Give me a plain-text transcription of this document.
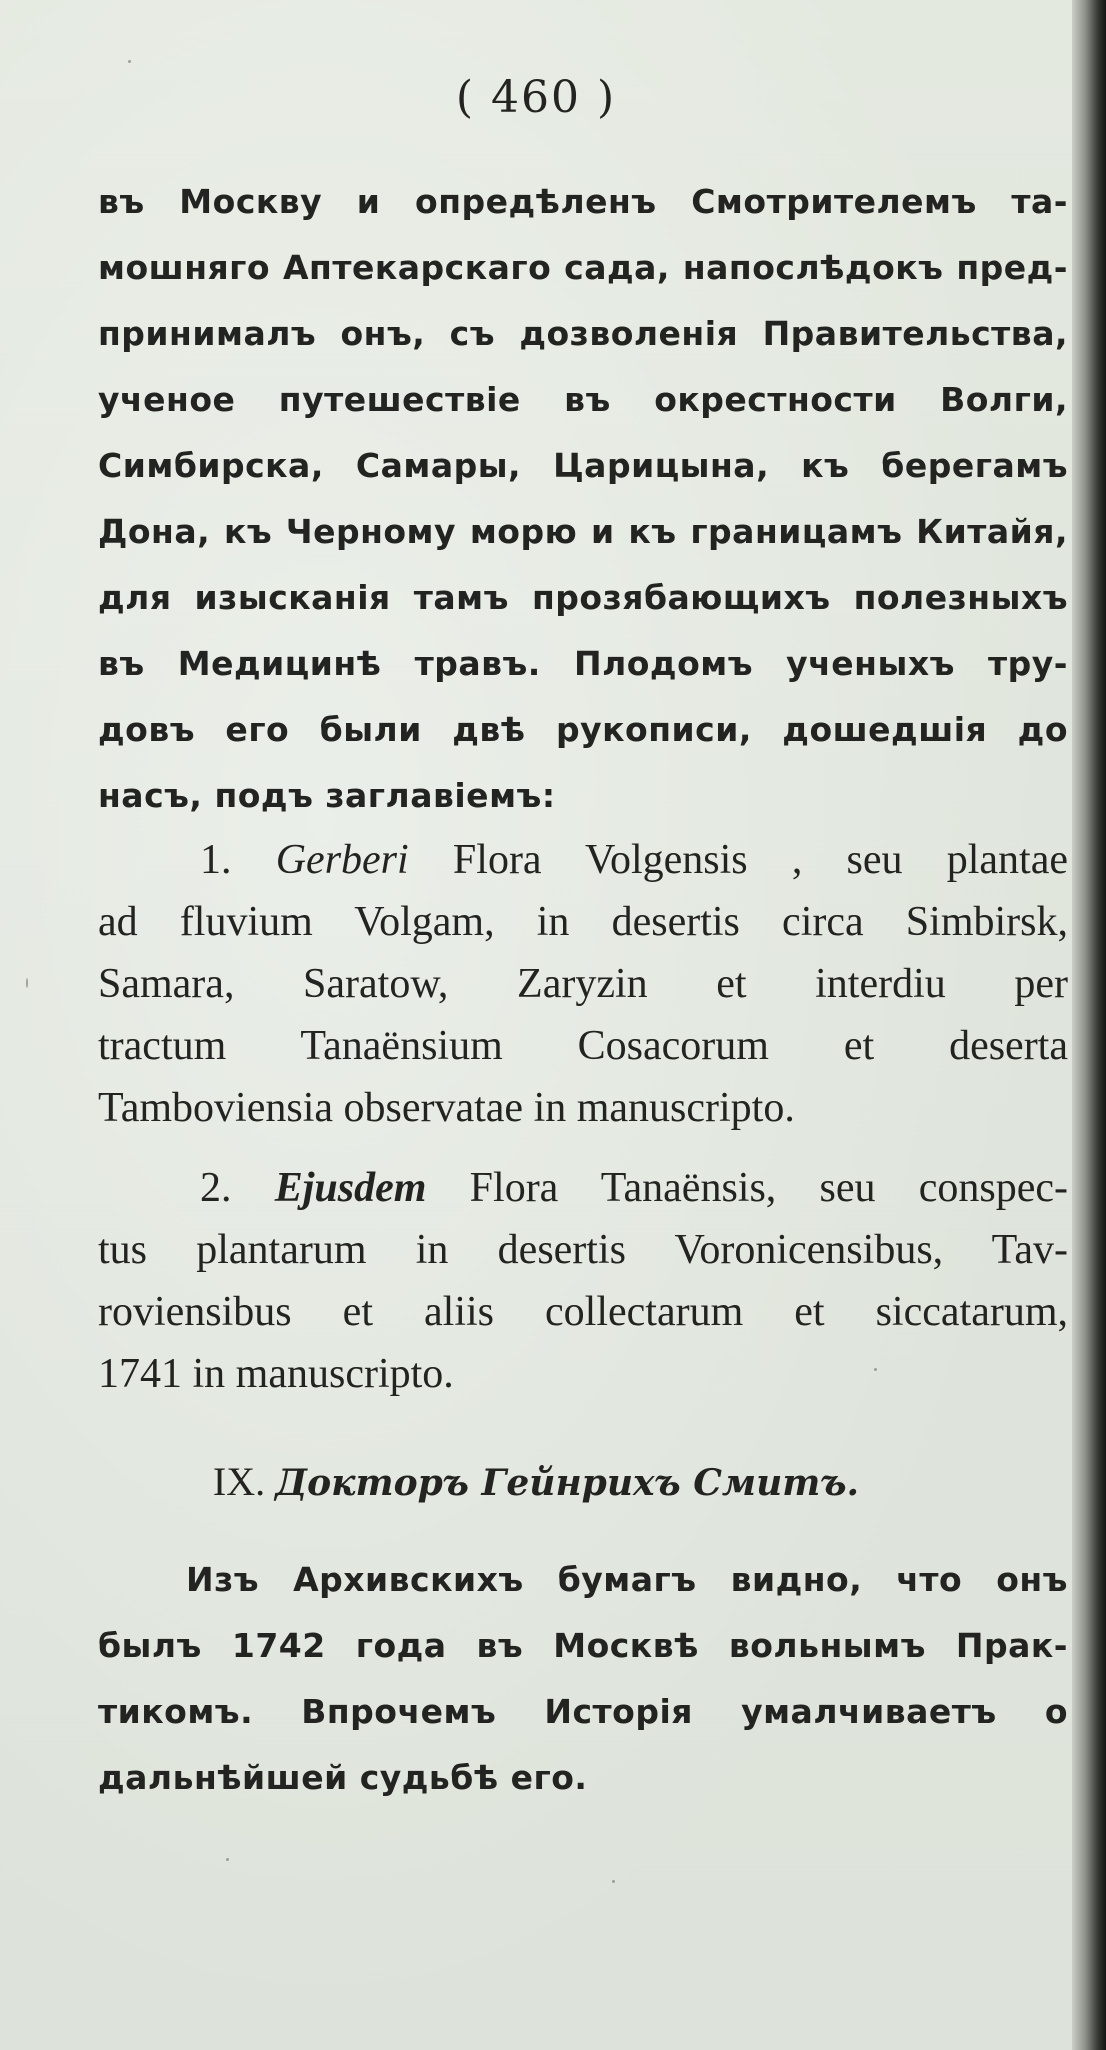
( 460 )
въ Москву и опредѣленъ Смотрителемъ та-
мошняго Аптекарскаго сада, напослѣдокъ пред-
принималъ онъ, съ дозволенія Правительства,
ученое путешествіе въ окрестности Волги,
Симбирска, Самары, Царицына, къ берегамъ
Дона, къ Черному морю и къ границамъ Китайя,
для изысканія тамъ прозябающихъ полезныхъ
въ Медицинѣ травъ. Плодомъ ученыхъ тру-
довъ его были двѣ рукописи, дошедшія до
насъ, подъ заглавіемъ:
1. Gerberi Flora Volgensis , seu plantae
ad fluvium Volgam, in desertis circa Simbirsk,
Samara, Saratow, Zaryzin et interdiu per
tractum Tanaënsium Cosacorum et deserta
Tamboviensia observatae in manuscripto.
2. Ejusdem Flora Tanaënsis, seu conspec-
tus plantarum in desertis Voronicensibus, Tav-
roviensibus et aliis collectarum et siccatarum,
1741 in manuscripto.
IX. Докторъ Гейнрихъ Смитъ.
Изъ Архивскихъ бумагъ видно, что онъ
былъ 1742 года въ Москвѣ вольнымъ Прак-
тикомъ. Впрочемъ Исторія умалчиваетъ о
дальнѣйшей судьбѣ его.
